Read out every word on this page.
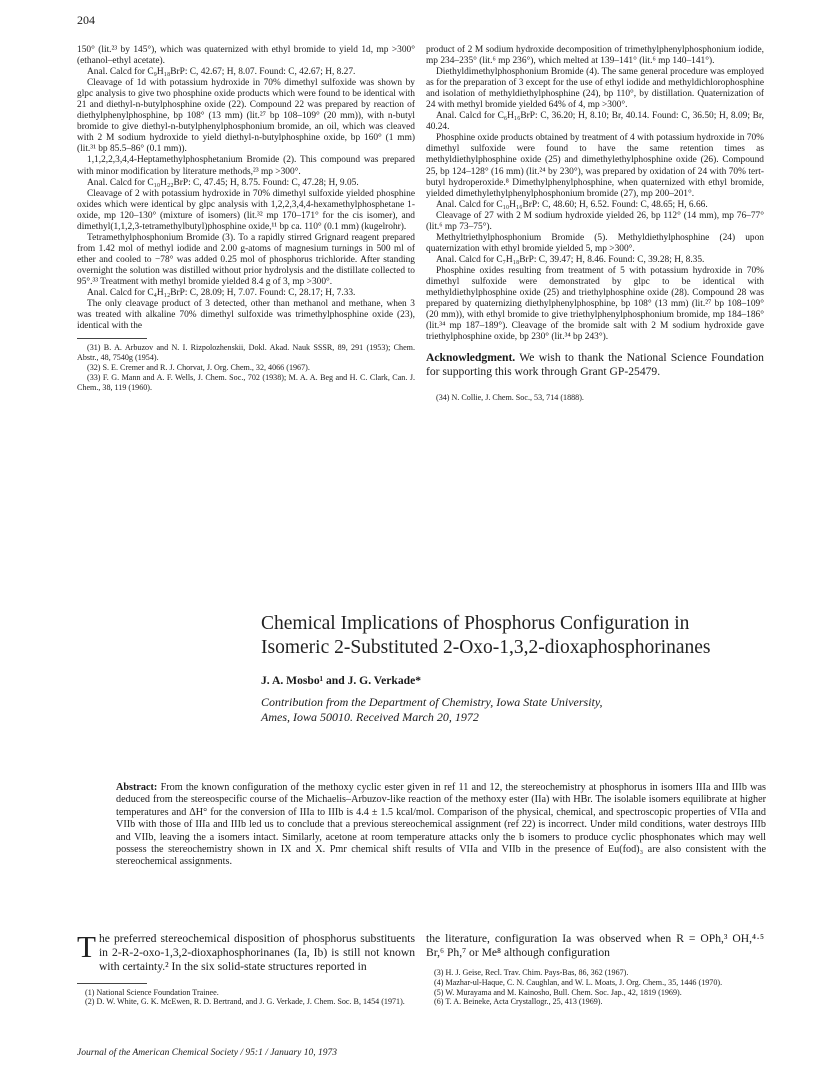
204

150° (lit.²³ by 145°), which was quaternized with ethyl bromide to yield 1d, mp >300° (ethanol–ethyl acetate).

Anal. Calcd for C₉H₁₈BrP: C, 42.67; H, 8.07. Found: C, 42.67; H, 8.27.

Cleavage of 1d with potassium hydroxide in 70% dimethyl sulfoxide was shown by glpc analysis to give two phosphine oxide products which were found to be identical with 21 and diethyl-n-butylphosphine oxide (22). Compound 22 was prepared by reaction of diethylphenylphosphine, bp 108° (13 mm) (lit.²⁷ bp 108–109° (20 mm)), with n-butyl bromide to give diethyl-n-butylphenylphosphonium bromide, an oil, which was cleaved with 2 M sodium hydroxide to yield diethyl-n-butylphosphine oxide, bp 160° (1 mm) (lit.³¹ bp 85.5–86° (0.1 mm)).

1,1,2,2,3,4,4-Heptamethylphosphetanium Bromide (2). This compound was prepared with minor modification by literature methods,²³ mp >300°.

Anal. Calcd for C₁₀H₂₂BrP: C, 47.45; H, 8.75. Found: C, 47.28; H, 9.05.

Cleavage of 2 with potassium hydroxide in 70% dimethyl sulfoxide yielded phosphine oxides which were identical by glpc analysis with 1,2,2,3,4,4-hexamethylphosphetane 1-oxide, mp 120–130° (mixture of isomers) (lit.³² mp 170–171° for the cis isomer), and dimethyl(1,1,2,3-tetramethylbutyl)phosphine oxide,¹¹ bp ca. 110° (0.1 mm) (kugelrohr).

Tetramethylphosphonium Bromide (3). To a rapidly stirred Grignard reagent prepared from 1.42 mol of methyl iodide and 2.00 g-atoms of magnesium turnings in 500 ml of ether and cooled to −78° was added 0.25 mol of phosphorus trichloride. After standing overnight the solution was distilled without prior hydrolysis and the distillate collected to 95°.³³ Treatment with methyl bromide yielded 8.4 g of 3, mp >300°.

Anal. Calcd for C₄H₁₂BrP: C, 28.09; H, 7.07. Found: C, 28.17; H, 7.33.

The only cleavage product of 3 detected, other than methanol and methane, when 3 was treated with alkaline 70% dimethyl sulfoxide was trimethylphosphine oxide (23), identical with the

(31) B. A. Arbuzov and N. I. Rizpolozhenskii, Dokl. Akad. Nauk SSSR, 89, 291 (1953); Chem. Abstr., 48, 7540g (1954).

(32) S. E. Cremer and R. J. Chorvat, J. Org. Chem., 32, 4066 (1967).

(33) F. G. Mann and A. F. Wells, J. Chem. Soc., 702 (1938); M. A. A. Beg and H. C. Clark, Can. J. Chem., 38, 119 (1960).

product of 2 M sodium hydroxide decomposition of trimethylphenylphosphonium iodide, mp 234–235° (lit.⁶ mp 236°), which melted at 139–141° (lit.⁶ mp 140–141°).

Diethyldimethylphosphonium Bromide (4). The same general procedure was employed as for the preparation of 3 except for the use of ethyl iodide and methyldichlorophosphine and isolation of methyldiethylphosphine (24), bp 110°, by distillation. Quaternization of 24 with methyl bromide yielded 64% of 4, mp >300°.

Anal. Calcd for C₆H₁₆BrP: C, 36.20; H, 8.10; Br, 40.14. Found: C, 36.50; H, 8.09; Br, 40.24.

Phosphine oxide products obtained by treatment of 4 with potassium hydroxide in 70% dimethyl sulfoxide were found to have the same retention times as methyldiethylphosphine oxide (25) and dimethylethylphosphine oxide (26). Compound 25, bp 124–128° (16 mm) (lit.²⁴ by 230°), was prepared by oxidation of 24 with 70% tert-butyl hydroperoxide.⁸ Dimethylphenylphosphine, when quaternized with ethyl bromide, yielded dimethylethylphenylphosphonium bromide (27), mp 200–201°.

Anal. Calcd for C₁₀H₁₆BrP: C, 48.60; H, 6.52. Found: C, 48.65; H, 6.66.

Cleavage of 27 with 2 M sodium hydroxide yielded 26, bp 112° (14 mm), mp 76–77° (lit.⁶ mp 73–75°).

Methyltriethylphosphonium Bromide (5). Methyldiethylphosphine (24) upon quaternization with ethyl bromide yielded 5, mp >300°.

Anal. Calcd for C₇H₁₈BrP: C, 39.47; H, 8.46. Found: C, 39.28; H, 8.35.

Phosphine oxides resulting from treatment of 5 with potassium hydroxide in 70% dimethyl sulfoxide were demonstrated by glpc to be identical with methyldiethylphosphine oxide (25) and triethylphosphine oxide (28). Compound 28 was prepared by quaternizing diethylphenylphosphine, bp 108° (13 mm) (lit.²⁷ bp 108–109° (20 mm)), with ethyl bromide to give triethylphenylphosphonium bromide, mp 184–186° (lit.³⁴ mp 187–189°). Cleavage of the bromide salt with 2 M sodium hydroxide gave triethylphosphine oxide, bp 230° (lit.³⁴ bp 243°).

Acknowledgment. We wish to thank the National Science Foundation for supporting this work through Grant GP-25479.

(34) N. Collie, J. Chem. Soc., 53, 714 (1888).

Chemical Implications of Phosphorus Configuration in
Isomeric 2-Substituted 2-Oxo-1,3,2-dioxaphosphorinanes
J. A. Mosbo¹ and J. G. Verkade*

Contribution from the Department of Chemistry, Iowa State University,
Ames, Iowa 50010. Received March 20, 1972

Abstract: From the known configuration of the methoxy cyclic ester given in ref 11 and 12, the stereochemistry at phosphorus in isomers IIIa and IIIb was deduced from the stereospecific course of the Michaelis–Arbuzov-like reaction of the methoxy ester (IIa) with HBr. The isolable isomers equilibrate at higher temperatures and ΔH° for the conversion of IIIa to IIIb is 4.4 ± 1.5 kcal/mol. Comparison of the physical, chemical, and spectroscopic properties of VIIa and VIIb with those of IIIa and IIIb led us to conclude that a previous stereochemical assignment (ref 22) is incorrect. Under mild conditions, water destroys IIIb and VIIb, leaving the a isomers intact. Similarly, acetone at room temperature attacks only the b isomers to produce cyclic phosphonates which may well possess the stereochemistry shown in IX and X. Pmr chemical shift results of VIIa and VIIb in the presence of Eu(fod)₃ are also consistent with the stereochemical assignments.

The preferred stereochemical disposition of phosphorus substituents in 2-R-2-oxo-1,3,2-dioxaphosphorinanes (Ia, Ib) is still not known with certainty.² In the six solid-state structures reported in

(1) National Science Foundation Trainee.

(2) D. W. White, G. K. McEwen, R. D. Bertrand, and J. G. Verkade, J. Chem. Soc. B, 1454 (1971).

the literature, configuration Ia was observed when R = OPh,³ OH,⁴·⁵ Br,⁶ Ph,⁷ or Me⁸ although configuration

(3) H. J. Geise, Recl. Trav. Chim. Pays-Bas, 86, 362 (1967).

(4) Mazhar-ul-Haque, C. N. Caughlan, and W. L. Moats, J. Org. Chem., 35, 1446 (1970).

(5) W. Murayama and M. Kainosho, Bull. Chem. Soc. Jap., 42, 1819 (1969).

(6) T. A. Beineke, Acta Crystallogr., 25, 413 (1969).

Journal of the American Chemical Society / 95:1 / January 10, 1973
